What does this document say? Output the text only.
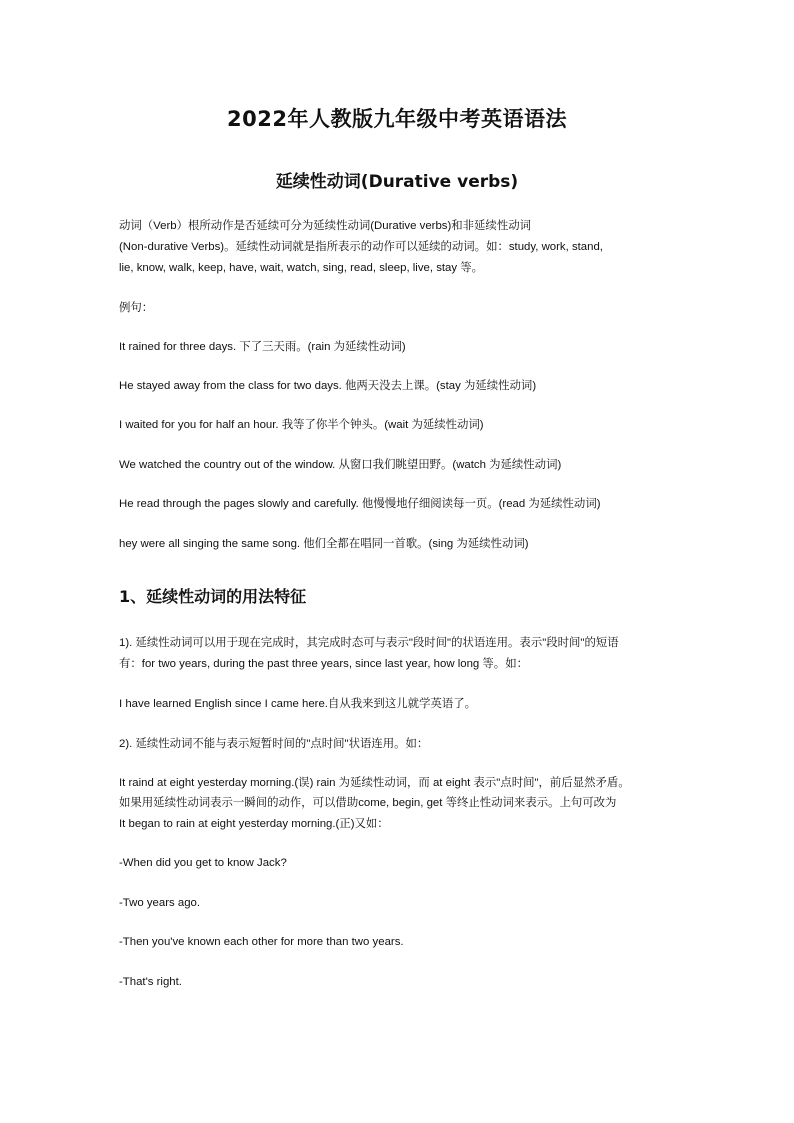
2022年人教版九年级中考英语语法
延续性动词(Durative verbs)
动词（Verb）根所动作是否延续可分为延续性动词(Durative verbs)和非延续性动词
(Non-durative Verbs)。延续性动词就是指所表示的动作可以延续的动词。如：study, work, stand,
lie, know, walk, keep, have, wait, watch, sing, read, sleep, live, stay 等。
例句：
It rained for three days. 下了三天雨。(rain 为延续性动词)
He stayed away from the class for two days. 他两天没去上课。(stay 为延续性动词)
I waited for you for half an hour. 我等了你半个钟头。(wait 为延续性动词)
We watched the country out of the window. 从窗口我们眺望田野。(watch 为延续性动词)
He read through the pages slowly and carefully. 他慢慢地仔细阅读每一页。(read 为延续性动词)
hey were all singing the same song. 他们全都在唱同一首歌。(sing 为延续性动词)
1、延续性动词的用法特征
1). 延续性动词可以用于现在完成时，其完成时态可与表示"段时间"的状语连用。表示"段时间"的短语
有：for two years, during the past three years, since last year, how long 等。如：
I have learned English since I came here.自从我来到这儿就学英语了。
2). 延续性动词不能与表示短暂时间的"点时间"状语连用。如：
It raind at eight yesterday morning.(误) rain 为延续性动词，而 at eight 表示"点时间"，前后显然矛盾。
如果用延续性动词表示一瞬间的动作，可以借助come, begin, get 等终止性动词来表示。上句可改为
It began to rain at eight yesterday morning.(正)又如：
-When did you get to know Jack?
-Two years ago.
-Then you've known each other for more than two years.
-That's right.
